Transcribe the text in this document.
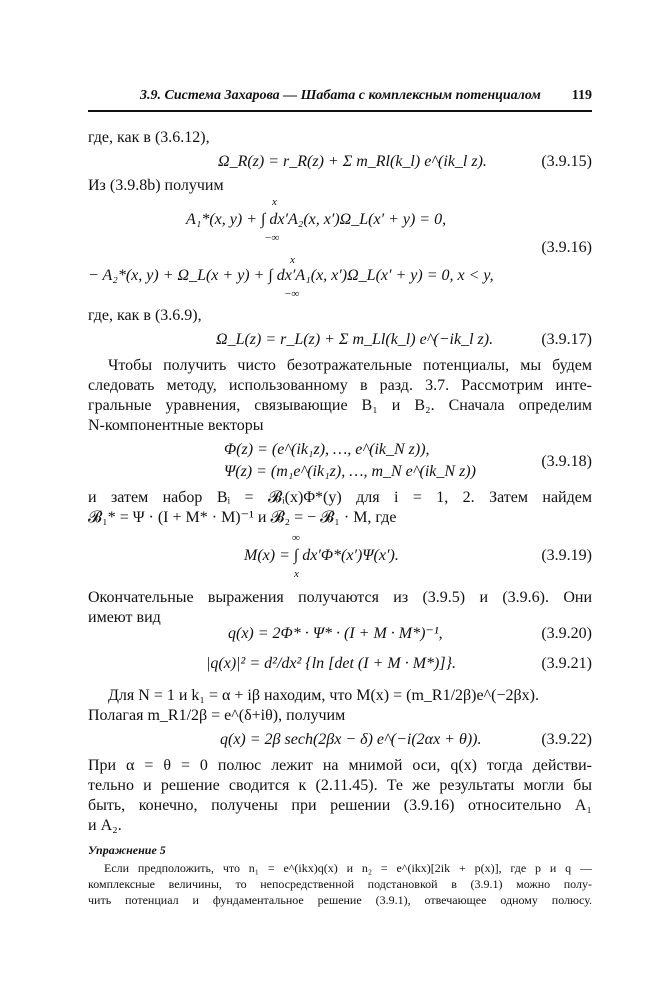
3.9. Система Захарова — Шабата с комплексным потенциалом 119
где, как в (3.6.12),
Ω_R(z) = r_R(z) + Σ m_Rl(k_l) e^(ik_l z).	(3.9.15)
Из (3.9.8b) получим
x
A₁*(x, y) + ∫ dx′A₂(x, x′)Ω_L(x′ + y) = 0,
−∞
(3.9.16)
x
− A₂*(x, y) + Ω_L(x + y) + ∫ dx′A₁(x, x′)Ω_L(x′ + y) = 0, x < y,
−∞
где, как в (3.6.9),
Ω_L(z) = r_L(z) + Σ m_Ll(k_l) e^(−ik_l z).	(3.9.17)
Чтобы получить чисто безотражательные потенциалы, мы будем
следовать методу, использованному в разд. 3.7. Рассмотрим инте-
гральные уравнения, связывающие B₁ и B₂. Сначала определим
N-компонентные векторы
Φ(z) = (e^(ik₁z), …, e^(ik_N z)),
(3.9.18)
Ψ(z) = (m₁e^(ik₁z), …, m_N e^(ik_N z))
и затем набор Bᵢ = 𝓑ᵢ(x)Φ*(y) для i = 1, 2. Затем найдем
𝓑₁* = Ψ · (I + M* · M)⁻¹ и 𝓑₂ = − 𝓑₁ · M, где
∞
M(x) = ∫ dx′Φ*(x′)Ψ(x′).
x
(3.9.19)
Окончательные выражения получаются из (3.9.5) и (3.9.6). Они
имеют вид
q(x) = 2Φ* · Ψ* · (I + M · M*)⁻¹,	(3.9.20)
|q(x)|² = d²/dx² {ln [det (I + M · M*)]}.	(3.9.21)
Для N = 1 и k₁ = α + iβ находим, что M(x) = (m_R1/2β)e^(−2βx).
Полагая m_R1/2β = e^(δ+iθ), получим
q(x) = 2β sech(2βx − δ) e^(−i(2αx + θ)).	(3.9.22)
При α = θ = 0 полюс лежит на мнимой оси, q(x) тогда действи-
тельно и решение сводится к (2.11.45). Те же результаты могли бы
быть, конечно, получены при решении (3.9.16) относительно A₁
и A₂.
Упражнение 5
Если предположить, что n₁ = e^(ikx)q(x) и n₂ = e^(ikx)[2ik + p(x)], где p и q —
комплексные величины, то непосредственной подстановкой в (3.9.1) можно полу-
чить потенциал и фундаментальное решение (3.9.1), отвечающее одному полюсу.
